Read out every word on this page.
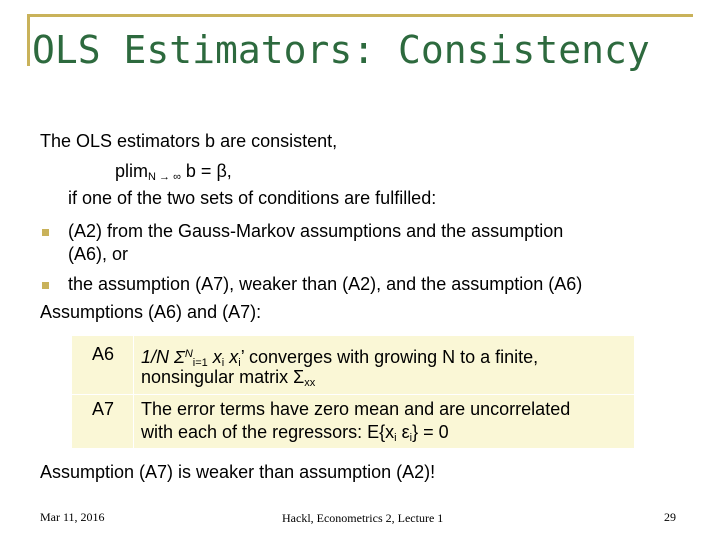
OLS Estimators: Consistency
The OLS estimators b are consistent,
plim$_{N \to \infty}$ b = β,
if one of the two sets of conditions are fulfilled:
(A2) from the Gauss-Markov assumptions and the assumption
(A6), or
the assumption (A7), weaker than (A2), and the assumption (A6)
Assumptions (A6) and (A7):
A6	1/N $\Sigma^N_{i=1}$ $x_i$ $x_i$’ converges with growing N to a finite,
nonsingular matrix $\Sigma_{xx}$
A7	The error terms have zero mean and are uncorrelated
with each of the regressors: $E\{x_i$ $\varepsilon_i\} = 0$
Assumption (A7) is weaker than assumption (A2)!
Mar 11, 2016	Hackl, Econometrics 2, Lecture 1	29
